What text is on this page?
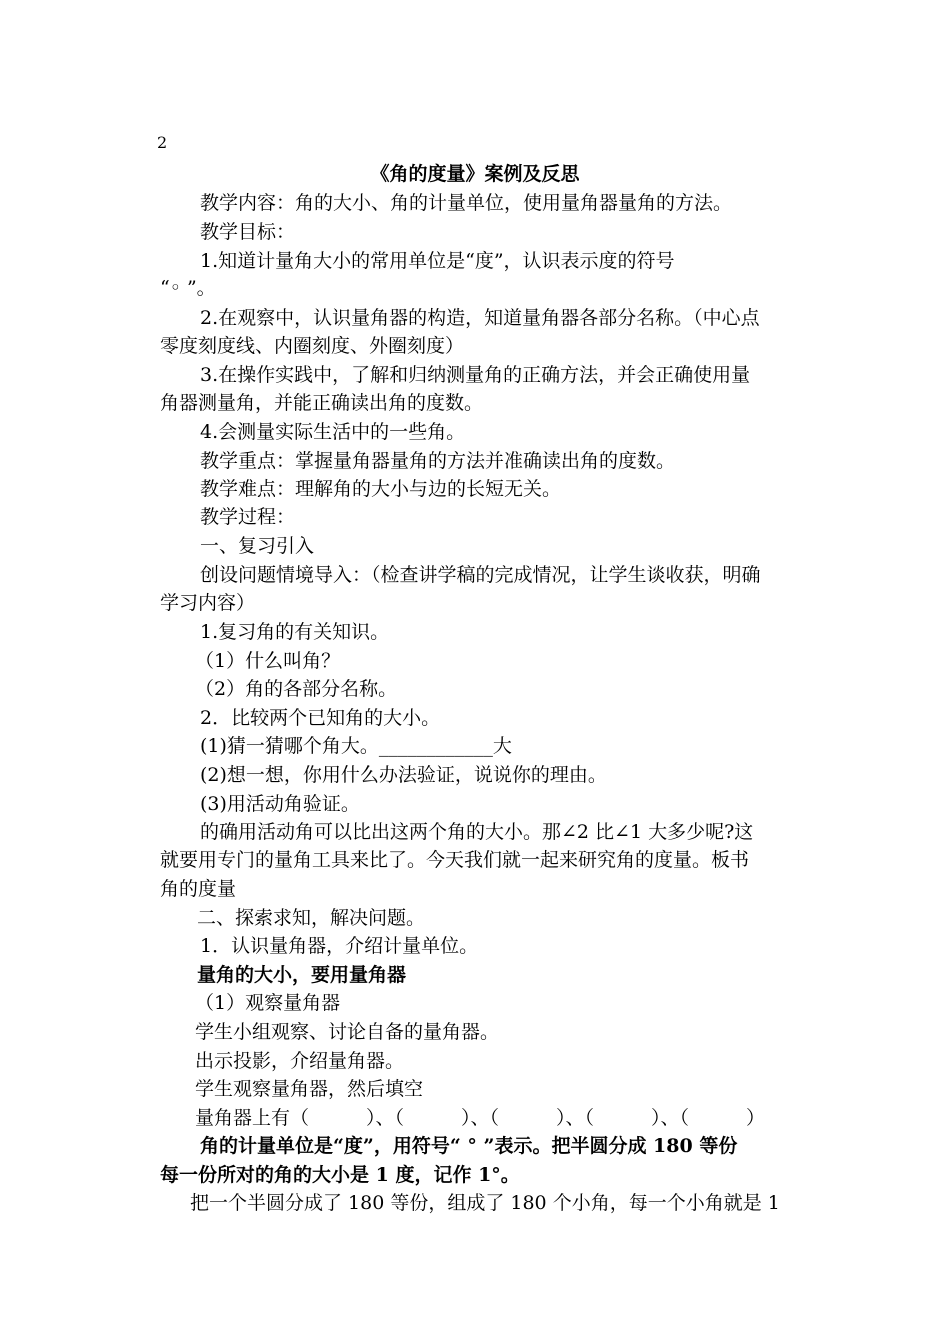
2
《角的度量》案例及反思
教学内容：角的大小、角的计量单位，使用量角器量角的方法。
教学目标：
1.知道计量角大小的常用单位是“度”，认识表示度的符号
“◦ ”。
2.在观察中，认识量角器的构造，知道量角器各部分名称。（中心点
零度刻度线、内圈刻度、外圈刻度）
3.在操作实践中，了解和归纳测量角的正确方法，并会正确使用量
角器测量角，并能正确读出角的度数。
4.会测量实际生活中的一些角。
教学重点：掌握量角器量角的方法并准确读出角的度数。
教学难点：理解角的大小与边的长短无关。
教学过程：
一、复习引入
创设问题情境导入：（检查讲学稿的完成情况，让学生谈收获，明确
学习内容）
1.复习角的有关知识。
（1）什么叫角？
（2）角的各部分名称。
2．比较两个已知角的大小。
(1)猜一猜哪个角大。____________大
(2)想一想，你用什么办法验证，说说你的理由。
(3)用活动角验证。
的确用活动角可以比出这两个角的大小。那∠2 比∠1 大多少呢?这
就要用专门的量角工具来比了。今天我们就一起来研究角的度量。板书
角的度量
二、探索求知，解决问题。
1．认识量角器，介绍计量单位。
量角的大小，要用量角器
（1）观察量角器
学生小组观察、讨论自备的量角器。
出示投影，介绍量角器。
学生观察量角器，然后填空
量角器上有（　　　）、（　　　）、（　　　）、（　　　）、（　　　）
角的计量单位是“度”，用符号“ ° ”表示。把半圆分成 180 等份
每一份所对的角的大小是 1 度，记作 1°。
把一个半圆分成了 180 等份，组成了 180 个小角，每一个小角就是 1
